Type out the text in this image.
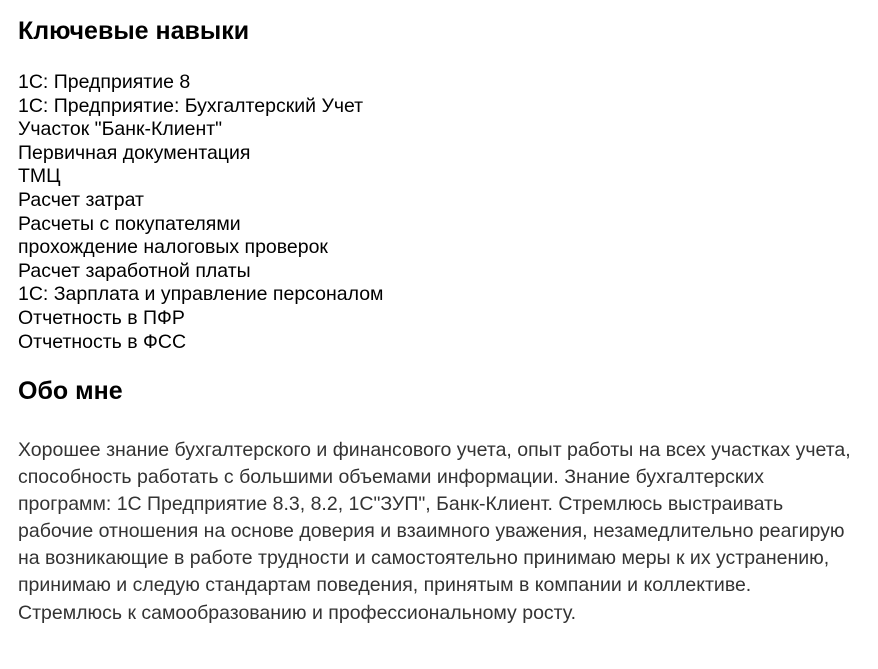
Ключевые навыки
1С: Предприятие 8
1С: Предприятие: Бухгалтерский Учет
Участок "Банк-Клиент"
Первичная документация
ТМЦ
Расчет затрат
Расчеты с покупателями
прохождение налоговых проверок
Расчет заработной платы
1С: Зарплата и управление персоналом
Отчетность в ПФР
Отчетность в ФСС
Обо мне

Хорошее знание бухгалтерского и финансового учета, опыт работы на всех участках учета, способность работать с большими объемами информации. Знание бухгалтерских программ: 1С Предприятие 8.3, 8.2, 1С"ЗУП", Банк-Клиент. Стремлюсь выстраивать рабочие отношения на основе доверия и взаимного уважения, незамедлительно реагирую на возникающие в работе трудности и самостоятельно принимаю меры к их устранению, принимаю и следую стандартам поведения, принятым в компании и коллективе. Стремлюсь к самообразованию и профессиональному росту.
